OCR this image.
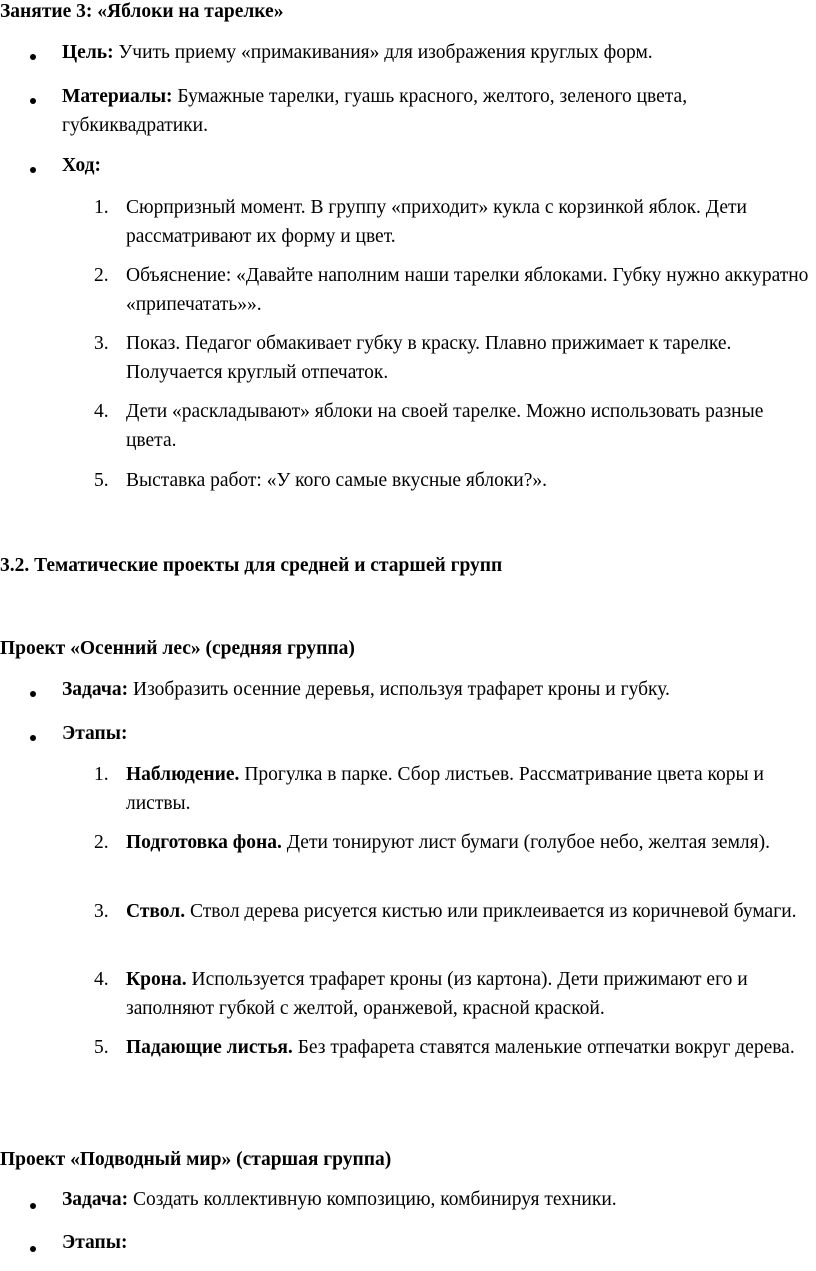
Занятие 3: «Яблоки на тарелке»
Цель: Учить приему «примакивания» для изображения круглых форм.
Материалы: Бумажные тарелки, гуашь красного, желтого, зеленого цвета, губкиквадратики.
Ход:
1. Сюрпризный момент. В группу «приходит» кукла с корзинкой яблок. Дети рассматривают их форму и цвет.
2. Объяснение: «Давайте наполним наши тарелки яблоками. Губку нужно аккуратно «припечатать»».
3. Показ. Педагог обмакивает губку в краску. Плавно прижимает к тарелке. Получается круглый отпечаток.
4. Дети «раскладывают» яблоки на своей тарелке. Можно использовать разные цвета.
5. Выставка работ: «У кого самые вкусные яблоки?».
3.2. Тематические проекты для средней и старшей групп
Проект «Осенний лес» (средняя группа)
Задача: Изобразить осенние деревья, используя трафарет кроны и губку.
Этапы:
1. Наблюдение. Прогулка в парке. Сбор листьев. Рассматривание цвета коры и листвы.
2. Подготовка фона. Дети тонируют лист бумаги (голубое небо, желтая земля).
3. Ствол. Ствол дерева рисуется кистью или приклеивается из коричневой бумаги.
4. Крона. Используется трафарет кроны (из картона). Дети прижимают его и заполняют губкой с желтой, оранжевой, красной краской.
5. Падающие листья. Без трафарета ставятся маленькие отпечатки вокруг дерева.
Проект «Подводный мир» (старшая группа)
Задача: Создать коллективную композицию, комбинируя техники.
Этапы:
